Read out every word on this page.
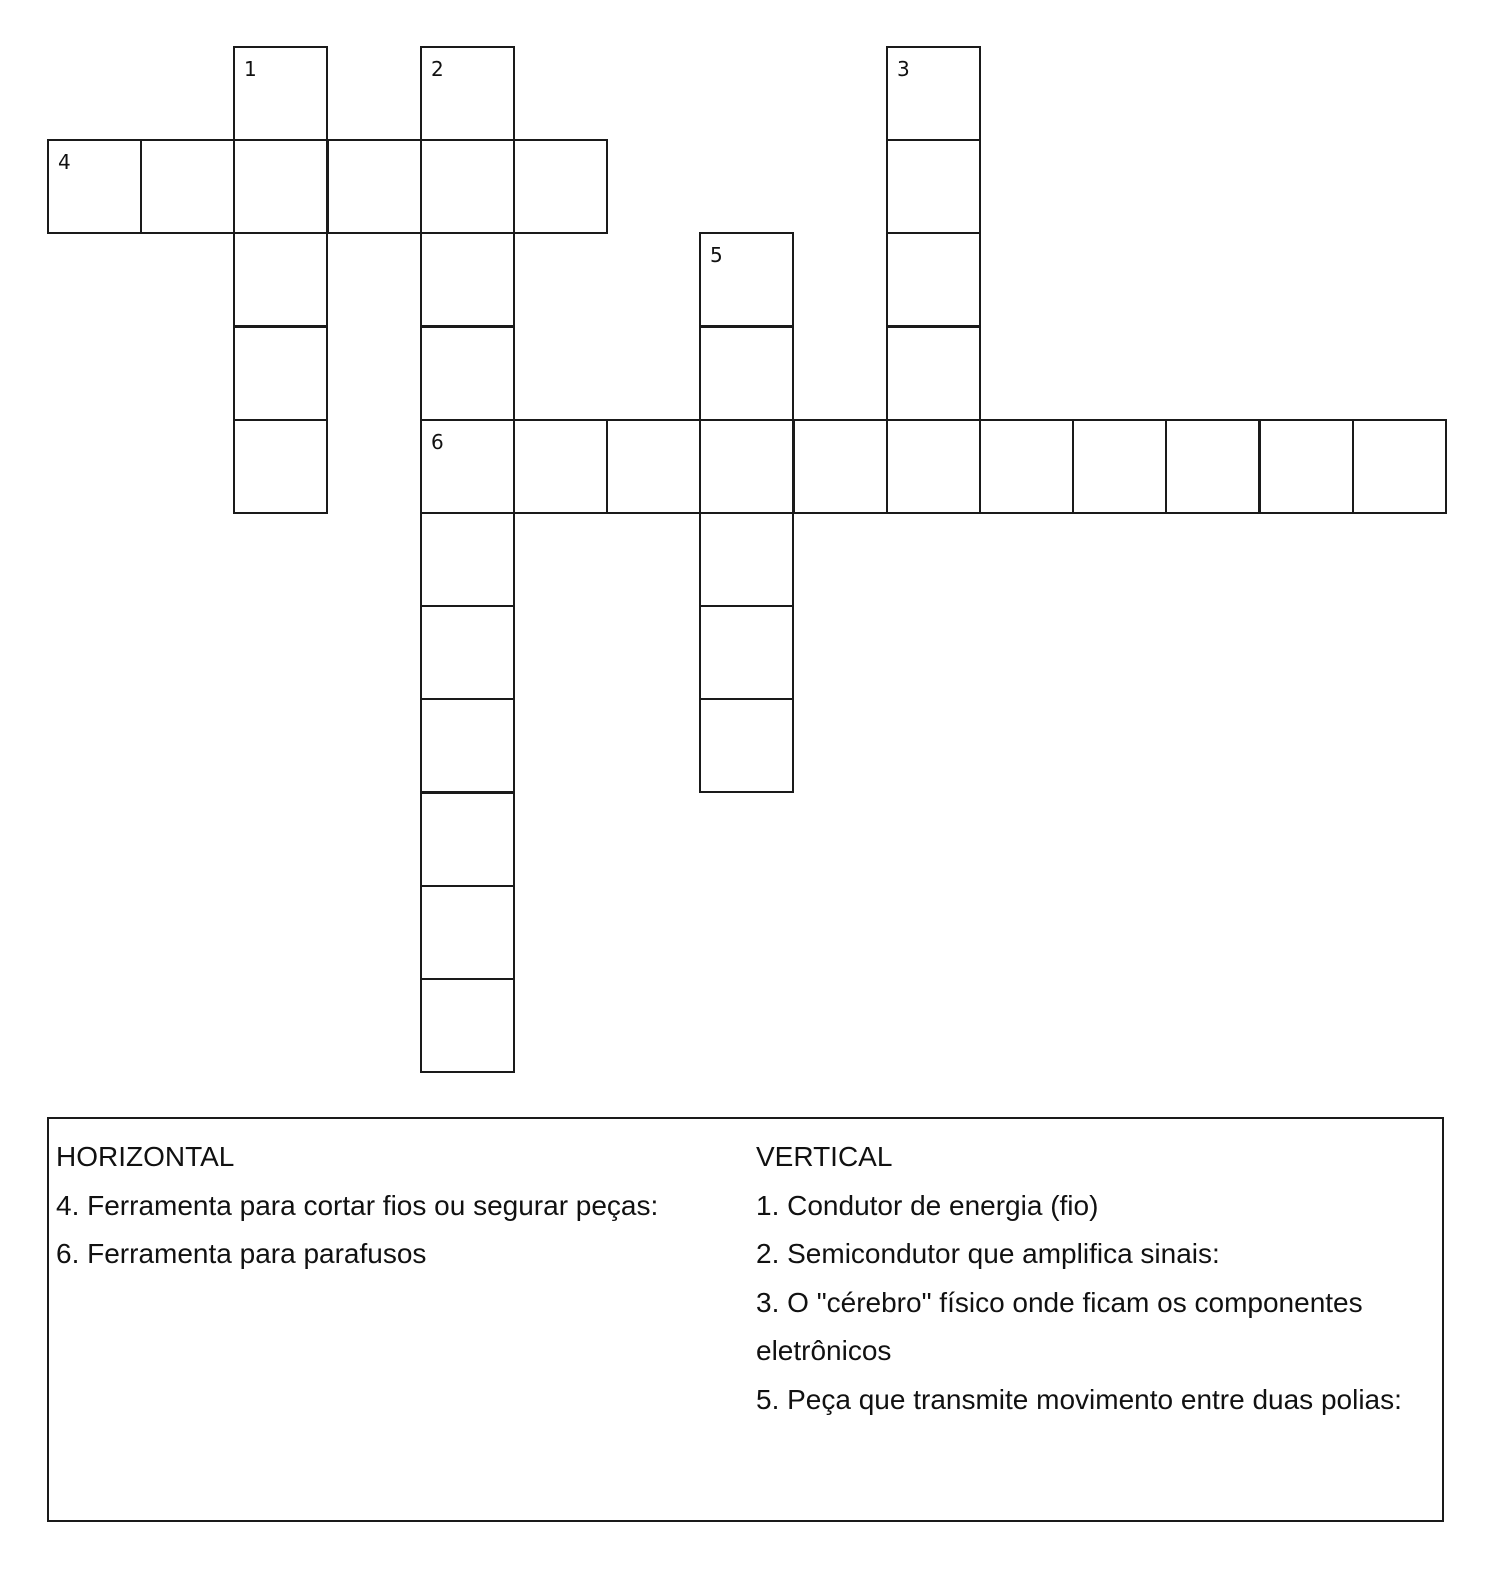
1	2
6
3
4
5
HORIZONTAL
4. Ferramenta para cortar fios ou segurar peças:
6. Ferramenta para parafusos
VERTICAL
1. Condutor de energia (fio)
2. Semicondutor que amplifica sinais:
3. O "cérebro" físico onde ficam os componentes eletrônicos
5. Peça que transmite movimento entre duas polias:
